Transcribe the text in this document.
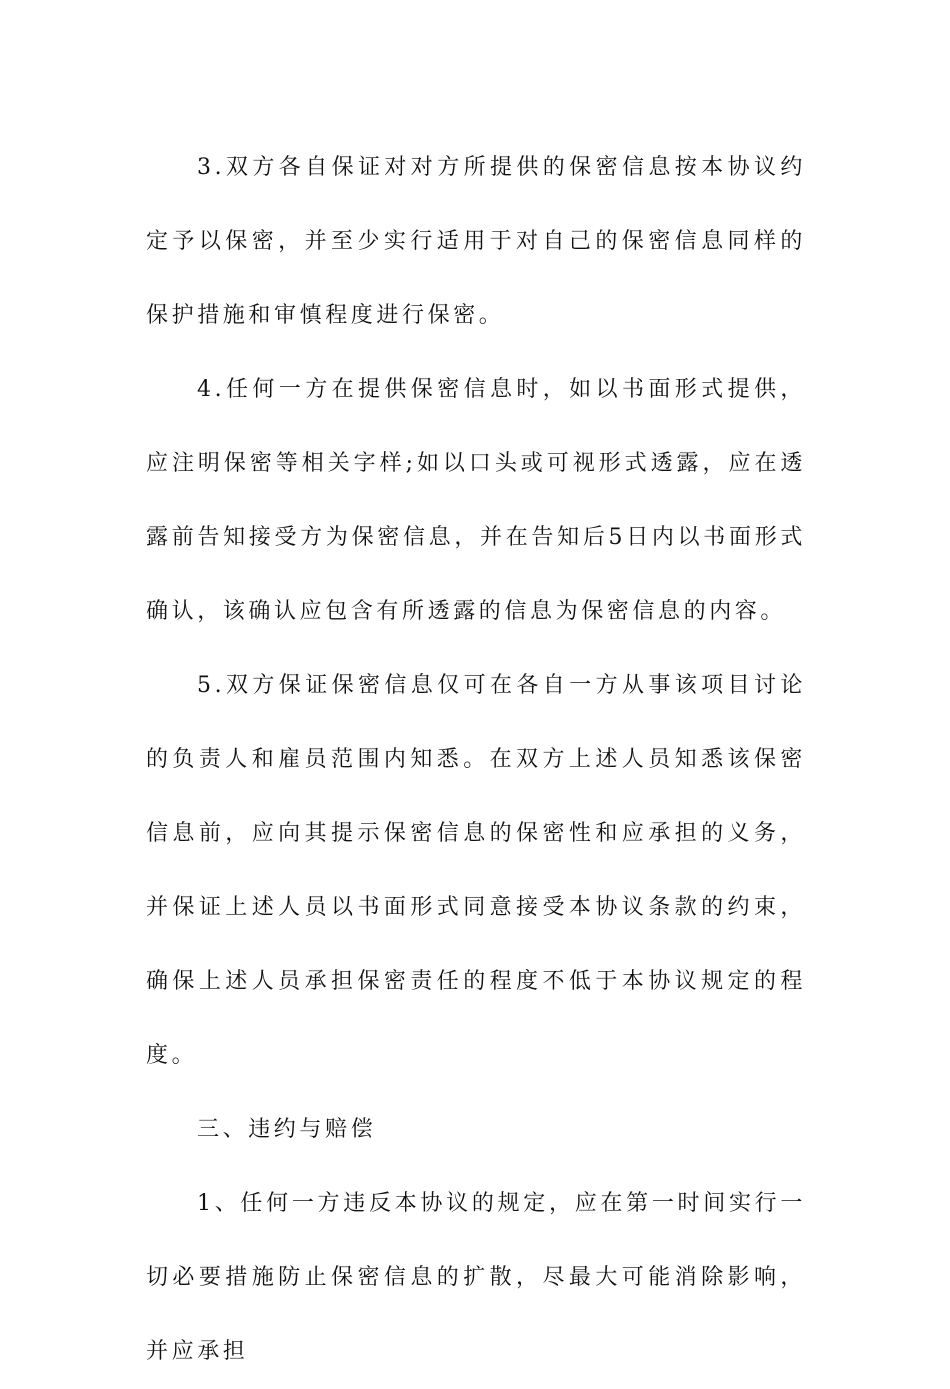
3.双方各自保证对对方所提供的保密信息按本协议约定予以保密，并至少实行适用于对自己的保密信息同样的保护措施和审慎程度进行保密。

4.任何一方在提供保密信息时，如以书面形式提供，应注明保密等相关字样;如以口头或可视形式透露，应在透露前告知接受方为保密信息，并在告知后5日内以书面形式确认，该确认应包含有所透露的信息为保密信息的内容。

5.双方保证保密信息仅可在各自一方从事该项目讨论的负责人和雇员范围内知悉。在双方上述人员知悉该保密信息前，应向其提示保密信息的保密性和应承担的义务，并保证上述人员以书面形式同意接受本协议条款的约束，确保上述人员承担保密责任的程度不低于本协议规定的程度。

三、违约与赔偿

1、任何一方违反本协议的规定，应在第一时间实行一切必要措施防止保密信息的扩散，尽最大可能消除影响，并应承担
